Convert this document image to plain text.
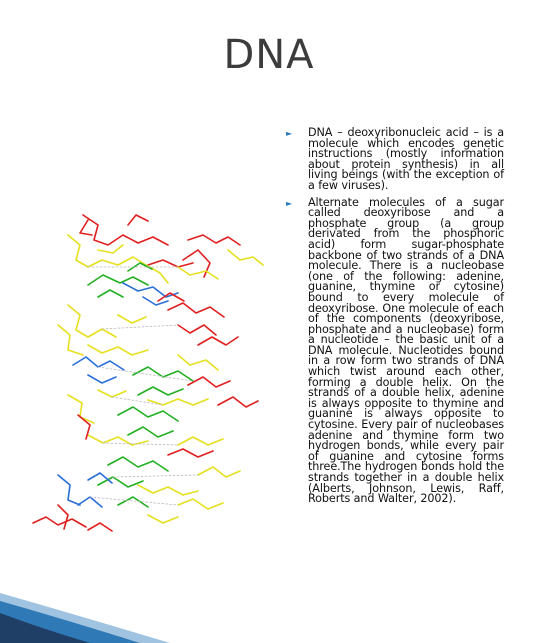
DNA
► DNA – deoxyribonucleic acid – is a molecule which encodes genetic instructions (mostly information about protein synthesis) in all living beings (with the exception of a few viruses).
► Alternate molecules of a sugar called deoxyribose and a phosphate group (a group derivated from the phosphoric acid) form sugar-phosphate backbone of two strands of a DNA molecule. There is a nucleobase (one of the following: adenine, guanine, thymine or cytosine) bound to every molecule of deoxyribose. One molecule of each of the components (deoxyribose, phosphate and a nucleobase) form a nucleotide – the basic unit of a DNA molecule. Nucleotides bound in a row form two strands of DNA which twist around each other, forming a double helix. On the strands of a double helix, adenine is always opposite to thymine and guanine is always opposite to cytosine. Every pair of nucleobases adenine and thymine form two hydrogen bonds, while every pair of guanine and cytosine forms three.The hydrogen bonds hold the strands together in a double helix (Alberts, Johnson, Lewis, Raff, Roberts and Walter, 2002).
